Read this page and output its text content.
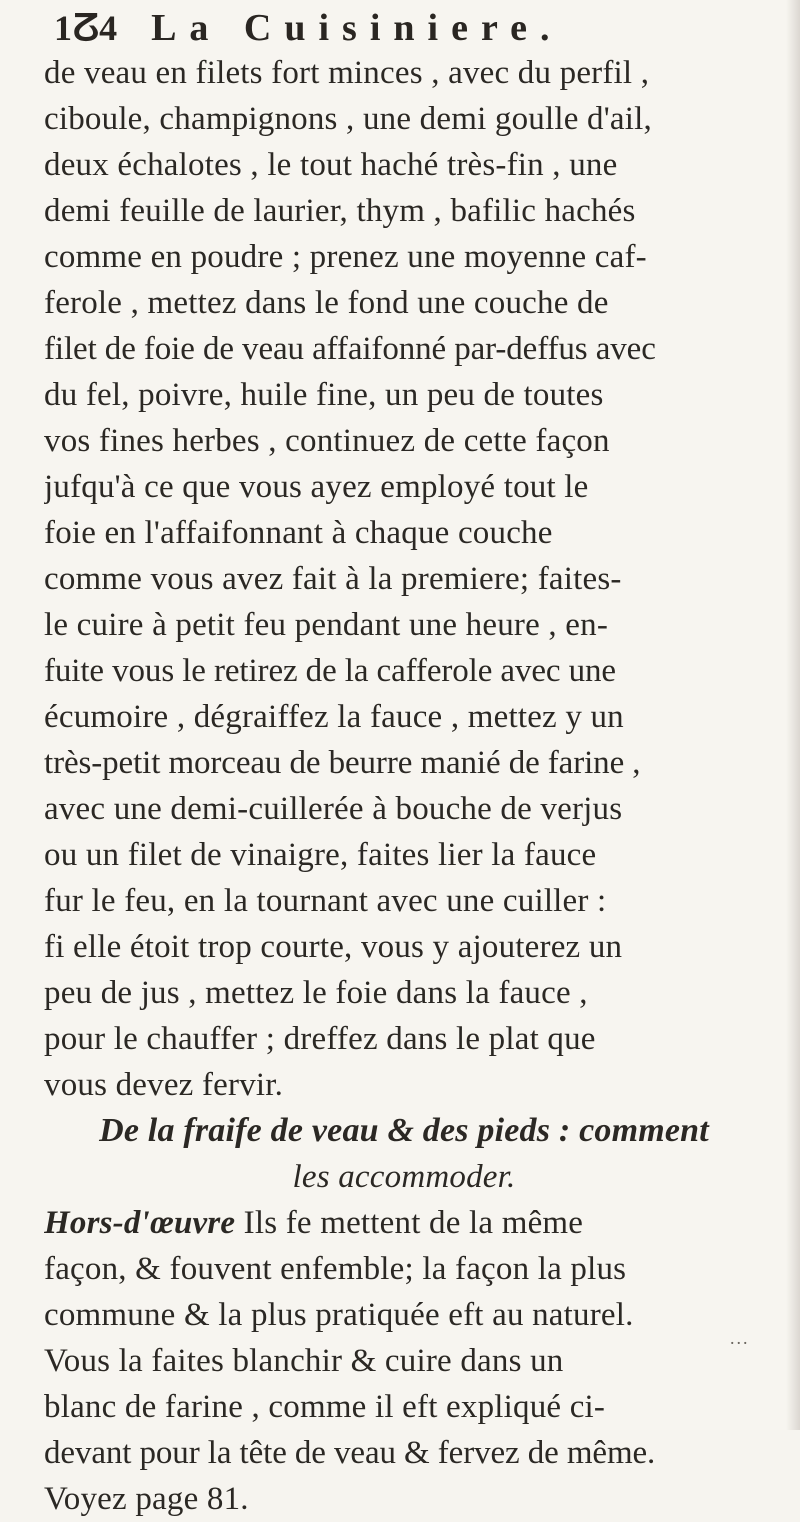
1ⵒ4 La Cuisiniere.
de veau en filets fort minces , avec du perfil ,
ciboule, champignons , une demi goulle d'ail,
deux échalotes , le tout haché très-fin , une
demi feuille de laurier, thym , bafilic hachés
comme en poudre ; prenez une moyenne caf-
ferole , mettez dans le fond une couche de
filet de foie de veau affaifonné par-deffus avec
du fel, poivre, huile fine, un peu de toutes
vos fines herbes , continuez de cette façon
jufqu'à ce que vous ayez employé tout le
foie en l'affaifonnant à chaque couche
comme vous avez fait à la premiere; faites-
le cuire à petit feu pendant une heure , en-
fuite vous le retirez de la cafferole avec une
écumoire , dégraiffez la fauce , mettez y un
très-petit morceau de beurre manié de farine ,
avec une demi-cuillerée à bouche de verjus
ou un filet de vinaigre, faites lier la fauce
fur le feu, en la tournant avec une cuiller :
fi elle étoit trop courte, vous y ajouterez un
peu de jus , mettez le foie dans la fauce ,
pour le chauffer ; dreffez dans le plat que
vous devez fervir.
De la fraife de veau & des pieds : comment
les accommoder.
Hors-d'œuvre Ils fe mettent de la même
façon, & fouvent enfemble; la façon la plus
commune & la plus pratiquée eft au naturel.
Vous la faites blanchir & cuire dans un
blanc de farine , comme il eft expliqué ci-
devant pour la tête de veau & fervez de même.
Voyez page 81.
...
